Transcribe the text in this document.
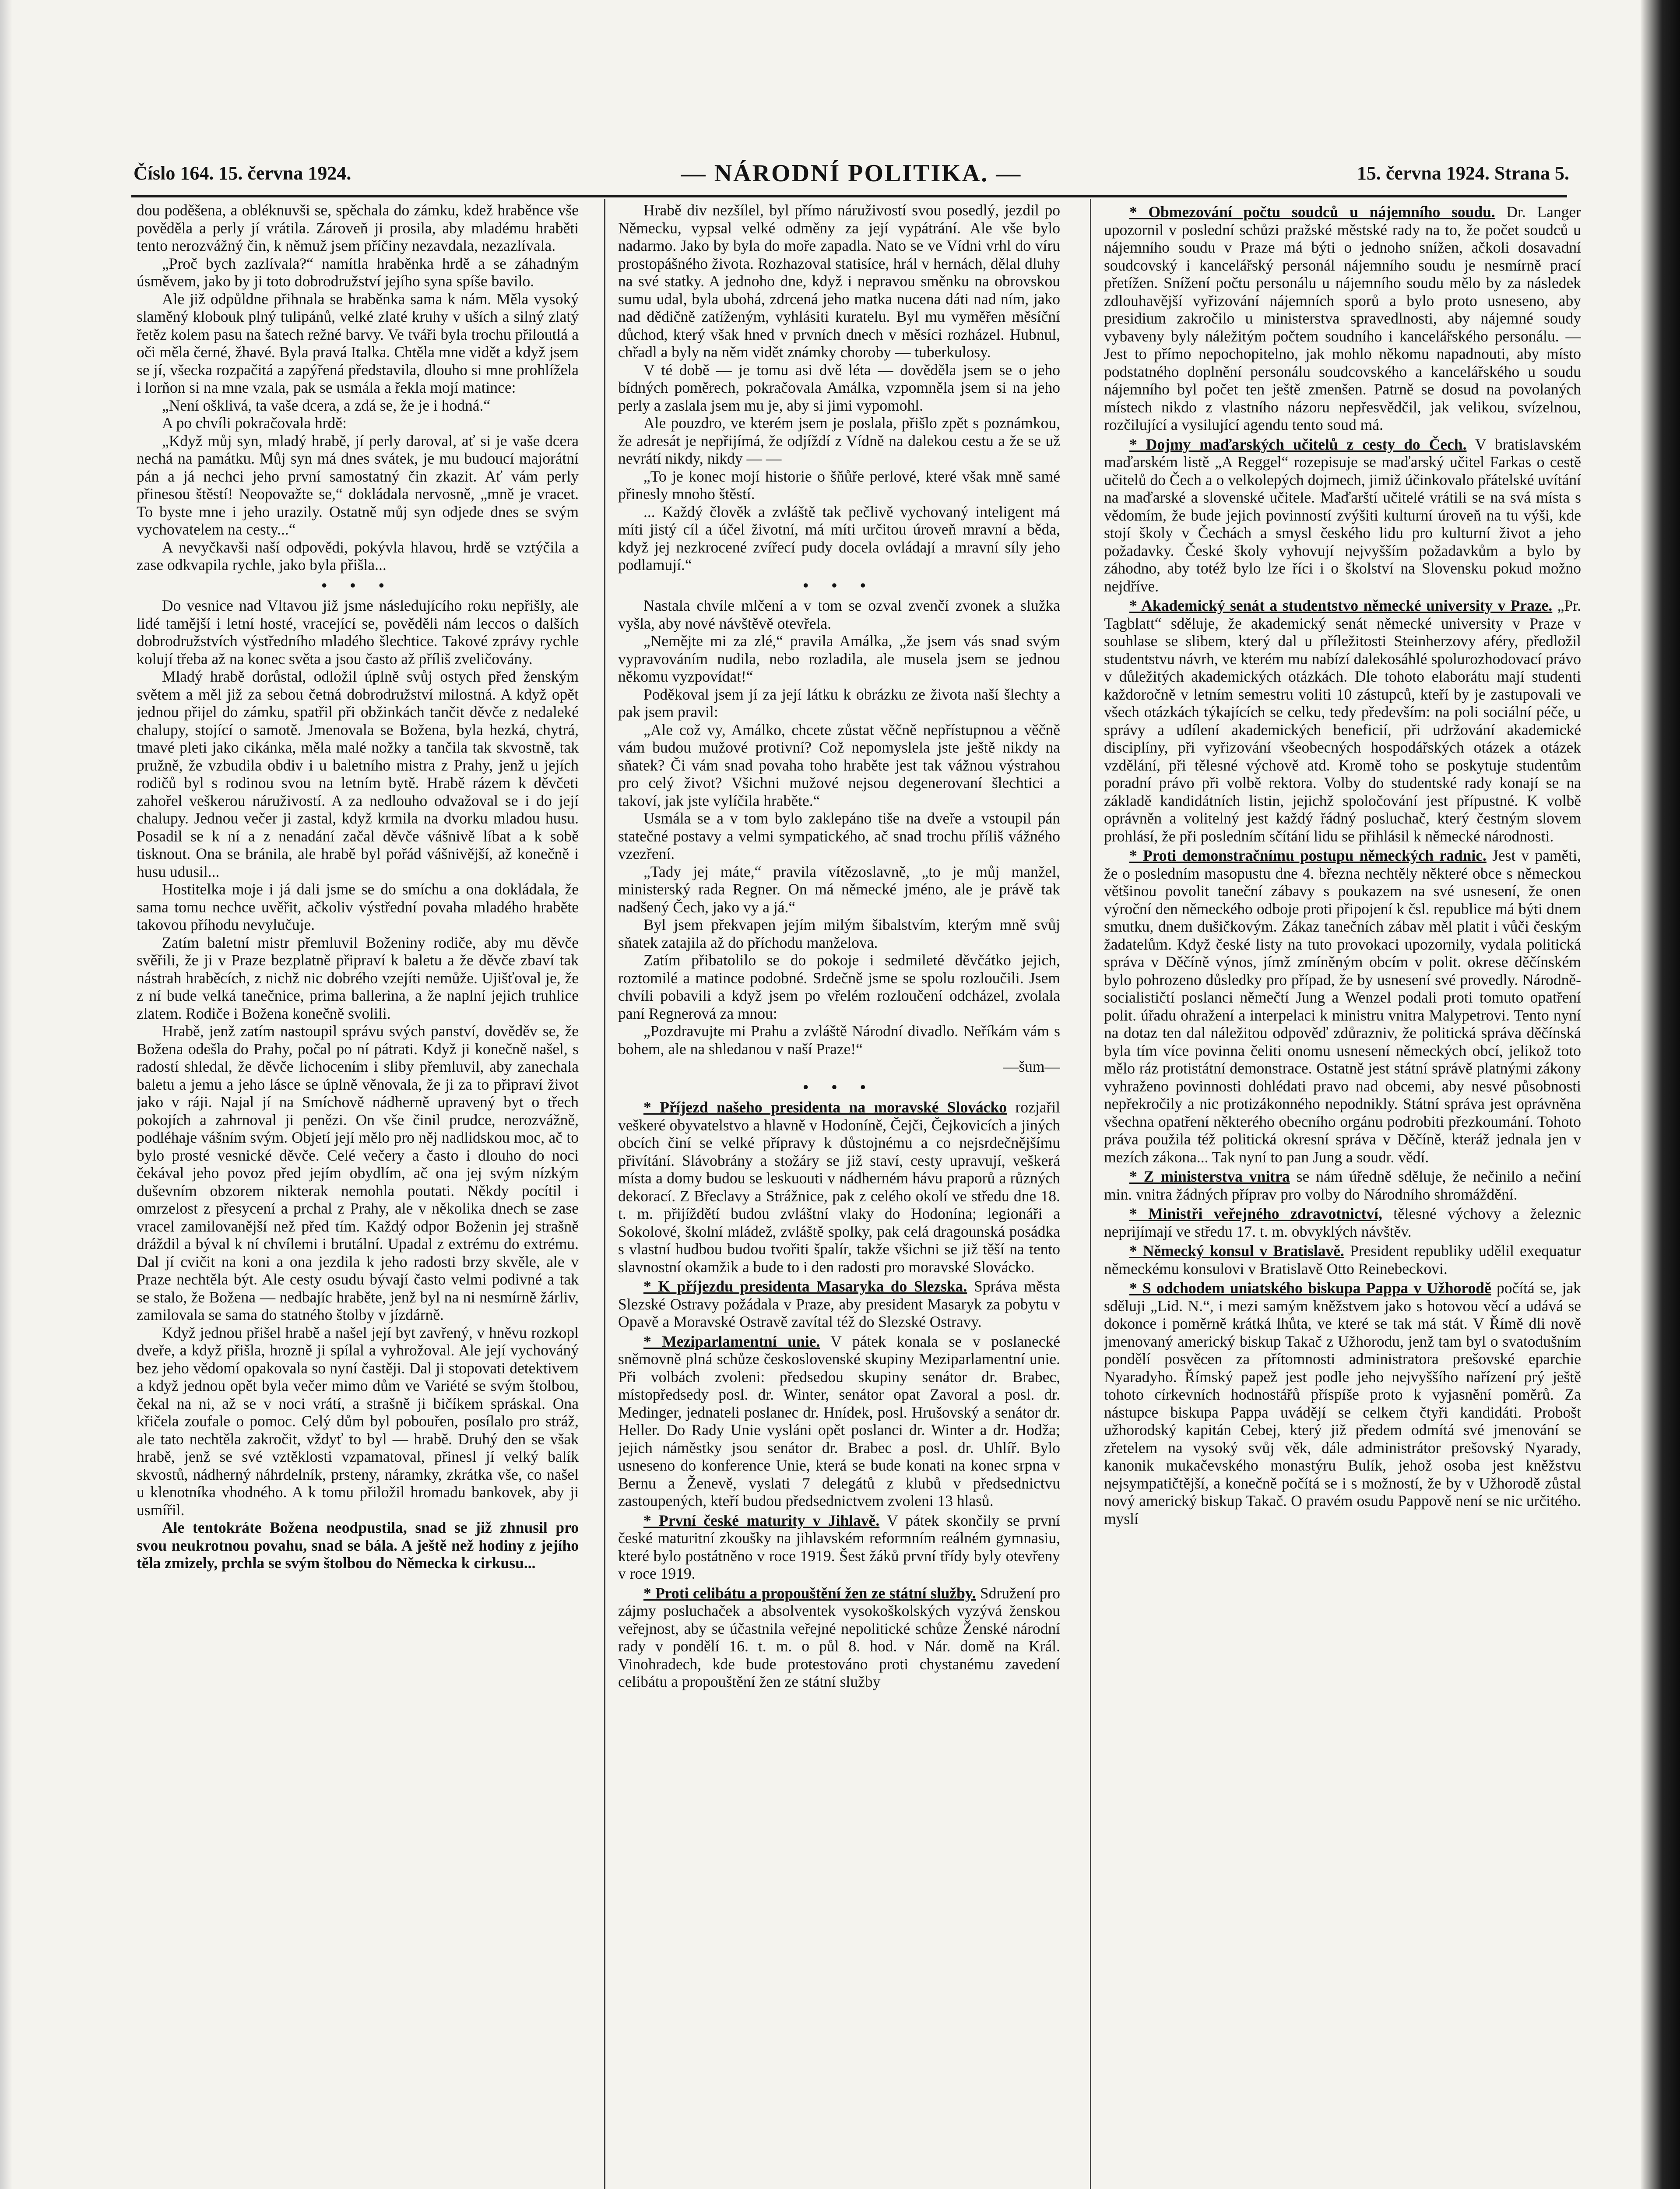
Číslo 164. 15. června 1924.	— NÁRODNÍ POLITIKA. —	15. června 1924. Strana 5.

dou poděšena, a obléknuvši se, spěchala do zámku, kdež hraběnce vše pověděla a perly jí vrátila. Zároveň ji prosila, aby mladému hraběti tento nerozvážný čin, k němuž jsem příčiny nezavdala, nezazlívala.

„Proč bych zazlívala?“ namítla hraběnka hrdě a se záhadným úsměvem, jako by ji toto dobrodružství jejího syna spíše bavilo.

Ale již odpůldne přihnala se hraběnka sama k nám. Měla vysoký slaměný klobouk plný tulipánů, velké zlaté kruhy v uších a silný zlatý řetěz kolem pasu na šatech režné barvy. Ve tváři byla trochu přiloutlá a oči měla černé, žhavé. Byla pravá Italka. Chtěla mne vidět a když jsem se jí, všecka rozpačitá a zapýřená představila, dlouho si mne prohlížela i lorňon si na mne vzala, pak se usmála a řekla mojí matince:

„Není ošklivá, ta vaše dcera, a zdá se, že je i hodná.“

A po chvíli pokračovala hrdě:

„Když můj syn, mladý hrabě, jí perly daroval, ať si je vaše dcera nechá na památku. Můj syn má dnes svátek, je mu budoucí majorátní pán a já nechci jeho první samostatný čin zkazit. Ať vám perly přinesou štěstí! Neopovažte se,“ dokládala nervosně, „mně je vracet. To byste mne i jeho urazily. Ostatně můj syn odjede dnes se svým vychovatelem na cesty...“

A nevyčkavši naší odpovědi, pokývla hlavou, hrdě se vztýčila a zase odkvapila rychle, jako byla přišla...

• • •

Do vesnice nad Vltavou již jsme následujícího roku nepřišly, ale lidé tamější i letní hosté, vracející se, pověděli nám leccos o dalších dobrodružstvích výstředního mladého šlechtice. Takové zprávy rychle kolují třeba až na konec světa a jsou často až příliš zveličovány.

Mladý hrabě dorůstal, odložil úplně svůj ostych před ženským světem a měl již za sebou četná dobrodružství milostná. A když opět jednou přijel do zámku, spatřil při obžinkách tančit děvče z nedaleké chalupy, stojící o samotě. Jmenovala se Božena, byla hezká, chytrá, tmavé pleti jako cikánka, měla malé nožky a tančila tak skvostně, tak pružně, že vzbudila obdiv i u baletního mistra z Prahy, jenž u jejích rodičů byl s rodinou svou na letním bytě. Hrabě rázem k děvčeti zahořel veškerou náruživostí. A za nedlouho odvažoval se i do její chalupy. Jednou večer ji zastal, když krmila na dvorku mladou husu. Posadil se k ní a z nenadání začal děvče vášnivě líbat a k sobě tisknout. Ona se bránila, ale hrabě byl pořád vášnivější, až konečně i husu udusil...

Hostitelka moje i já dali jsme se do smíchu a ona dokládala, že sama tomu nechce uvěřit, ačkoliv výstřední povaha mladého hraběte takovou příhodu nevylučuje.

Zatím baletní mistr přemluvil Boženiny rodiče, aby mu děvče svěřili, že ji v Praze bezplatně připraví k baletu a že děvče zbaví tak nástrah hraběcích, z nichž nic dobrého vzejíti nemůže. Ujišťoval je, že z ní bude velká tanečnice, prima ballerina, a že naplní jejich truhlice zlatem. Rodiče i Božena konečně svolili.

Hrabě, jenž zatím nastoupil správu svých panství, dověděv se, že Božena odešla do Prahy, počal po ní pátrati. Když ji konečně našel, s radostí shledal, že děvče lichocením i sliby přemluvil, aby zanechala baletu a jemu a jeho lásce se úplně věnovala, že ji za to připraví život jako v ráji. Najal jí na Smíchově nádherně upravený byt o třech pokojích a zahrnoval ji penězi. On vše činil prudce, nerozvážně, podléhaje vášním svým. Objetí její mělo pro něj nadlidskou moc, ač to bylo prosté vesnické děvče. Celé večery a často i dlouho do noci čekával jeho povoz před jejím obydlím, ač ona jej svým nízkým duševním obzorem nikterak nemohla poutati. Někdy pocítil i omrzelost z přesycení a prchal z Prahy, ale v několika dnech se zase vracel zamilovanější než před tím. Každý odpor Boženin jej strašně dráždil a býval k ní chvílemi i brutální. Upadal z extrému do extrému. Dal jí cvičit na koni a ona jezdila k jeho radosti brzy skvěle, ale v Praze nechtěla být. Ale cesty osudu bývají často velmi podivné a tak se stalo, že Božena — nedbajíc hraběte, jenž byl na ni nesmírně žárliv, zamilovala se sama do statného štolby v jízdárně.

Když jednou přišel hrabě a našel její byt zavřený, v hněvu rozkopl dveře, a když přišla, hrozně ji spílal a vyhrožoval. Ale její vychováný bez jeho vědomí opakovala so nyní častěji. Dal ji stopovati detektivem a když jednou opět byla večer mimo dům ve Variété se svým štolbou, čekal na ni, až se v noci vrátí, a strašně ji bičíkem spráskal. Ona křičela zoufale o pomoc. Celý dům byl pobouřen, posílalo pro stráž, ale tato nechtěla zakročit, vždyť to byl — hrabě. Druhý den se však hrabě, jenž se své vztěklosti vzpamatoval, přinesl jí velký balík skvostů, nádherný náhrdelník, prsteny, náramky, zkrátka vše, co našel u klenotníka vhodného. A k tomu přiložil hromadu bankovek, aby ji usmířil.

Ale tentokráte Božena neodpustila, snad se již zhnusil pro svou neukrotnou povahu, snad se bála. A ještě než hodiny z jejího těla zmizely, prchla se svým štolbou do Německa k cirkusu...

Hrabě div nezšílel, byl přímo náruživostí svou posedlý, jezdil po Německu, vypsal velké odměny za její vypátrání. Ale vše bylo nadarmo. Jako by byla do moře zapadla. Nato se ve Vídni vrhl do víru prostopášného života. Rozhazoval statisíce, hrál v hernách, dělal dluhy na své statky. A jednoho dne, když i nepravou směnku na obrovskou sumu udal, byla ubohá, zdrcená jeho matka nucena dáti nad ním, jako nad dědičně zatíženým, vyhlásiti kuratelu. Byl mu vyměřen měsíční důchod, který však hned v prvních dnech v měsíci rozházel. Hubnul, chřadl a byly na něm vidět známky choroby — tuberkulosy.

V té době — je tomu asi dvě léta — dověděla jsem se o jeho bídných poměrech, pokračovala Amálka, vzpomněla jsem si na jeho perly a zaslala jsem mu je, aby si jimi vypomohl.

Ale pouzdro, ve kterém jsem je poslala, přišlo zpět s poznámkou, že adresát je nepřijímá, že odjíždí z Vídně na dalekou cestu a že se už nevrátí nikdy, nikdy — —

„To je konec mojí historie o šňůře perlové, které však mně samé přinesly mnoho štěstí.

... Každý člověk a zvláště tak pečlivě vychovaný inteligent má míti jistý cíl a účel životní, má míti určitou úroveň mravní a běda, když jej nezkrocené zvířecí pudy docela ovládají a mravní síly jeho podlamují.“

• • •

Nastala chvíle mlčení a v tom se ozval zvenčí zvonek a služka vyšla, aby nové návštěvě otevřela.

„Nemějte mi za zlé,“ pravila Amálka, „že jsem vás snad svým vypravováním nudila, nebo rozladila, ale musela jsem se jednou někomu vyzpovídat!“

Poděkoval jsem jí za její látku k obrázku ze života naší šlechty a pak jsem pravil:

„Ale což vy, Amálko, chcete zůstat věčně nepřístupnou a věčně vám budou mužové protivní? Což nepomyslela jste ještě nikdy na sňatek? Či vám snad povaha toho hraběte jest tak vážnou výstrahou pro celý život? Všichni mužové nejsou degenerovaní šlechtici a takoví, jak jste vylíčila hraběte.“

Usmála se a v tom bylo zaklepáno tiše na dveře a vstoupil pán statečné postavy a velmi sympatického, ač snad trochu příliš vážného vzezření.

„Tady jej máte,“ pravila vítězoslavně, „to je můj manžel, ministerský rada Regner. On má německé jméno, ale je právě tak nadšený Čech, jako vy a já.“

Byl jsem překvapen jejím milým šibalstvím, kterým mně svůj sňatek zatajila až do příchodu manželova.

Zatím přibatolilo se do pokoje i sedmileté děvčátko jejich, roztomilé a matince podobné. Srdečně jsme se spolu rozloučili. Jsem chvíli pobavili a když jsem po vřelém rozloučení odcházel, zvolala paní Regnerová za mnou:

„Pozdravujte mi Prahu a zvláště Národní divadlo. Neříkám vám s bohem, ale na shledanou v naší Praze!“

—šum—

• • •

* Příjezd našeho presidenta na moravské Slovácko rozjařil veškeré obyvatelstvo a hlavně v Hodoníně, Čejči, Čejkovicích a jiných obcích činí se velké přípravy k důstojnému a co nejsrdečnějšímu přivítání. Slávobrány a stožáry se již staví, cesty upravují, veškerá místa a domy budou se leskuouti v nádherném hávu praporů a různých dekorací. Z Břeclavy a Strážnice, pak z celého okolí ve středu dne 18. t. m. přijíždětí budou zvláštní vlaky do Hodonína; legionáři a Sokolové, školní mládež, zvláště spolky, pak celá dragounská posádka s vlastní hudbou budou tvořiti špalír, takže všichni se již těší na tento slavnostní okamžik a bude to i den radosti pro moravské Slovácko.

* K příjezdu presidenta Masaryka do Slezska. Správa města Slezské Ostravy požádala v Praze, aby president Masaryk za pobytu v Opavě a Moravské Ostravě zavítal též do Slezské Ostravy.

* Meziparlamentní unie. V pátek konala se v poslanecké sněmovně plná schůze československé skupiny Meziparlamentní unie. Při volbách zvoleni: předsedou skupiny senátor dr. Brabec, místopředsedy posl. dr. Winter, senátor opat Zavoral a posl. dr. Medinger, jednateli poslanec dr. Hnídek, posl. Hrušovský a senátor dr. Heller. Do Rady Unie vysláni opět poslanci dr. Winter a dr. Hodža; jejich náměstky jsou senátor dr. Brabec a posl. dr. Uhlíř. Bylo usneseno do konference Unie, která se bude konati na konec srpna v Bernu a Ženevě, vyslati 7 delegátů z klubů v předsednictvu zastoupených, kteří budou předsednictvem zvoleni 13 hlasů.

* První české maturity v Jihlavě. V pátek skončily se první české maturitní zkoušky na jihlavském reformním reálném gymnasiu, které bylo postátněno v roce 1919. Šest žáků první třídy byly otevřeny v roce 1919.

* Proti celibátu a propouštění žen ze státní služby. Sdružení pro zájmy posluchaček a absolventek vysokoškolských vyzývá ženskou veřejnost, aby se účastnila veřejné nepolitické schůze Ženské národní rady v pondělí 16. t. m. o půl 8. hod. v Nár. domě na Král. Vinohradech, kde bude protestováno proti chystanému zavedení celibátu a propouštění žen ze státní služby

* Obmezování počtu soudců u nájemního soudu. Dr. Langer upozornil v poslední schůzi pražské městské rady na to, že počet soudců u nájemního soudu v Praze má býti o jednoho snížen, ačkoli dosavadní soudcovský i kancelářský personál nájemního soudu je nesmírně prací přetížen. Snížení počtu personálu u nájemního soudu mělo by za následek zdlouhavější vyřizování nájemních sporů a bylo proto usneseno, aby presidium zakročilo u ministerstva spravedlnosti, aby nájemné soudy vybaveny byly náležitým počtem soudního i kancelářského personálu. — Jest to přímo nepochopitelno, jak mohlo někomu napadnouti, aby místo podstatného doplnění personálu soudcovského a kancelářského u soudu nájemního byl počet ten ještě zmenšen. Patrně se dosud na povolaných místech nikdo z vlastního názoru nepřesvědčil, jak velikou, svízelnou, rozčilující a vysilující agendu tento soud má.

* Dojmy maďarských učitelů z cesty do Čech. V bratislavském maďarském listě „A Reggel“ rozepisuje se maďarský učitel Farkas o cestě učitelů do Čech a o velkolepých dojmech, jimiž účinkovalo přátelské uvítání na maďarské a slovenské učitele. Maďarští učitelé vrátili se na svá místa s vědomím, že bude jejich povinností zvýšiti kulturní úroveň na tu výši, kde stojí školy v Čechách a smysl českého lidu pro kulturní život a jeho požadavky. České školy vyhovují nejvyšším požadavkům a bylo by záhodno, aby totéž bylo lze říci i o školství na Slovensku pokud možno nejdříve.

* Akademický senát a studentstvo německé university v Praze. „Pr. Tagblatt“ sděluje, že akademický senát německé university v Praze v souhlase se slibem, který dal u příležitosti Steinherzovy aféry, předložil studentstvu návrh, ve kterém mu nabízí dalekosáhlé spolurozhodovací právo v důležitých akademických otázkách. Dle tohoto elaborátu mají studenti každoročně v letním semestru voliti 10 zástupců, kteří by je zastupovali ve všech otázkách týkajících se celku, tedy především: na poli sociální péče, u správy a udílení akademických beneficií, při udržování akademické disciplíny, při vyřizování všeobecných hospodářských otázek a otázek vzdělání, při tělesné výchově atd. Kromě toho se poskytuje studentům poradní právo při volbě rektora. Volby do studentské rady konají se na základě kandidátních listin, jejichž spoločování jest přípustné. K volbě oprávněn a volitelný jest každý řádný posluchač, který čestným slovem prohlásí, že při posledním sčítání lidu se přihlásil k německé národnosti.

* Proti demonstračnímu postupu německých radnic. Jest v paměti, že o posledním masopustu dne 4. března nechtěly některé obce s německou většinou povolit taneční zábavy s poukazem na své usnesení, že onen výroční den německého odboje proti připojení k čsl. republice má býti dnem smutku, dnem dušičkovým. Zákaz tanečních zábav měl platit i vůči českým žadatelům. Když české listy na tuto provokaci upozornily, vydala politická správa v Děčíně výnos, jímž zmíněným obcím v polit. okrese děčínském bylo pohrozeno důsledky pro případ, že by usnesení své provedly. Národně-socialističtí poslanci němečtí Jung a Wenzel podali proti tomuto opatření polit. úřadu ohražení a interpelaci k ministru vnitra Malypetrovi. Tento nyní na dotaz ten dal náležitou odpověď zdůrazniv, že politická správa děčínská byla tím více povinna čeliti onomu usnesení německých obcí, jelikož toto mělo ráz protistátní demonstrace. Ostatně jest státní správě platnými zákony vyhraženo povinnosti dohlédati pravo nad obcemi, aby nesvé působnosti nepřekročily a nic protizákonného nepodnikly. Státní správa jest oprávněna všechna opatření některého obecního orgánu podrobiti přezkoumání. Tohoto práva použila též politická okresní správa v Děčíně, kteráž jednala jen v mezích zákona... Tak nyní to pan Jung a soudr. vědí.

* Z ministerstva vnitra se nám úředně sděluje, že nečinilo a nečiní min. vnitra žádných příprav pro volby do Národního shromáždění.

* Ministři veřejného zdravotnictví, tělesné výchovy a železnic neprijímají ve středu 17. t. m. obvyklých návštěv.

* Německý konsul v Bratislavě. President republiky udělil exequatur německému konsulovi v Bratislavě Otto Reinebeckovi.

* S odchodem uniatského biskupa Pappa v Užhorodě počítá se, jak sděluji „Lid. N.“, i mezi samým kněžstvem jako s hotovou věcí a udává se dokonce i poměrně krátká lhůta, ve které se tak má stát. V Římě dli nově jmenovaný americký biskup Takač z Užhorodu, jenž tam byl o svatodušním pondělí posvěcen za přítomnosti administratora prešovské eparchie Nyaradyho. Římský papež jest podle jeho nejvyššího nařízení prý ještě tohoto církevních hodnostářů příspíše proto k vyjasnění poměrů. Za nástupce biskupa Pappa uvádějí se celkem čtyři kandidáti. Probošt užhorodský kapitán Cebej, který již předem odmítá své jmenování se zřetelem na vysoký svůj věk, dále administrátor prešovský Nyarady, kanonik mukačevského monastýru Bulík, jehož osoba jest kněžstvu nejsympatičtější, a konečně počítá se i s možností, že by v Užhorodě zůstal nový americký biskup Takač. O pravém osudu Pappově není se nic určitého. myslí
